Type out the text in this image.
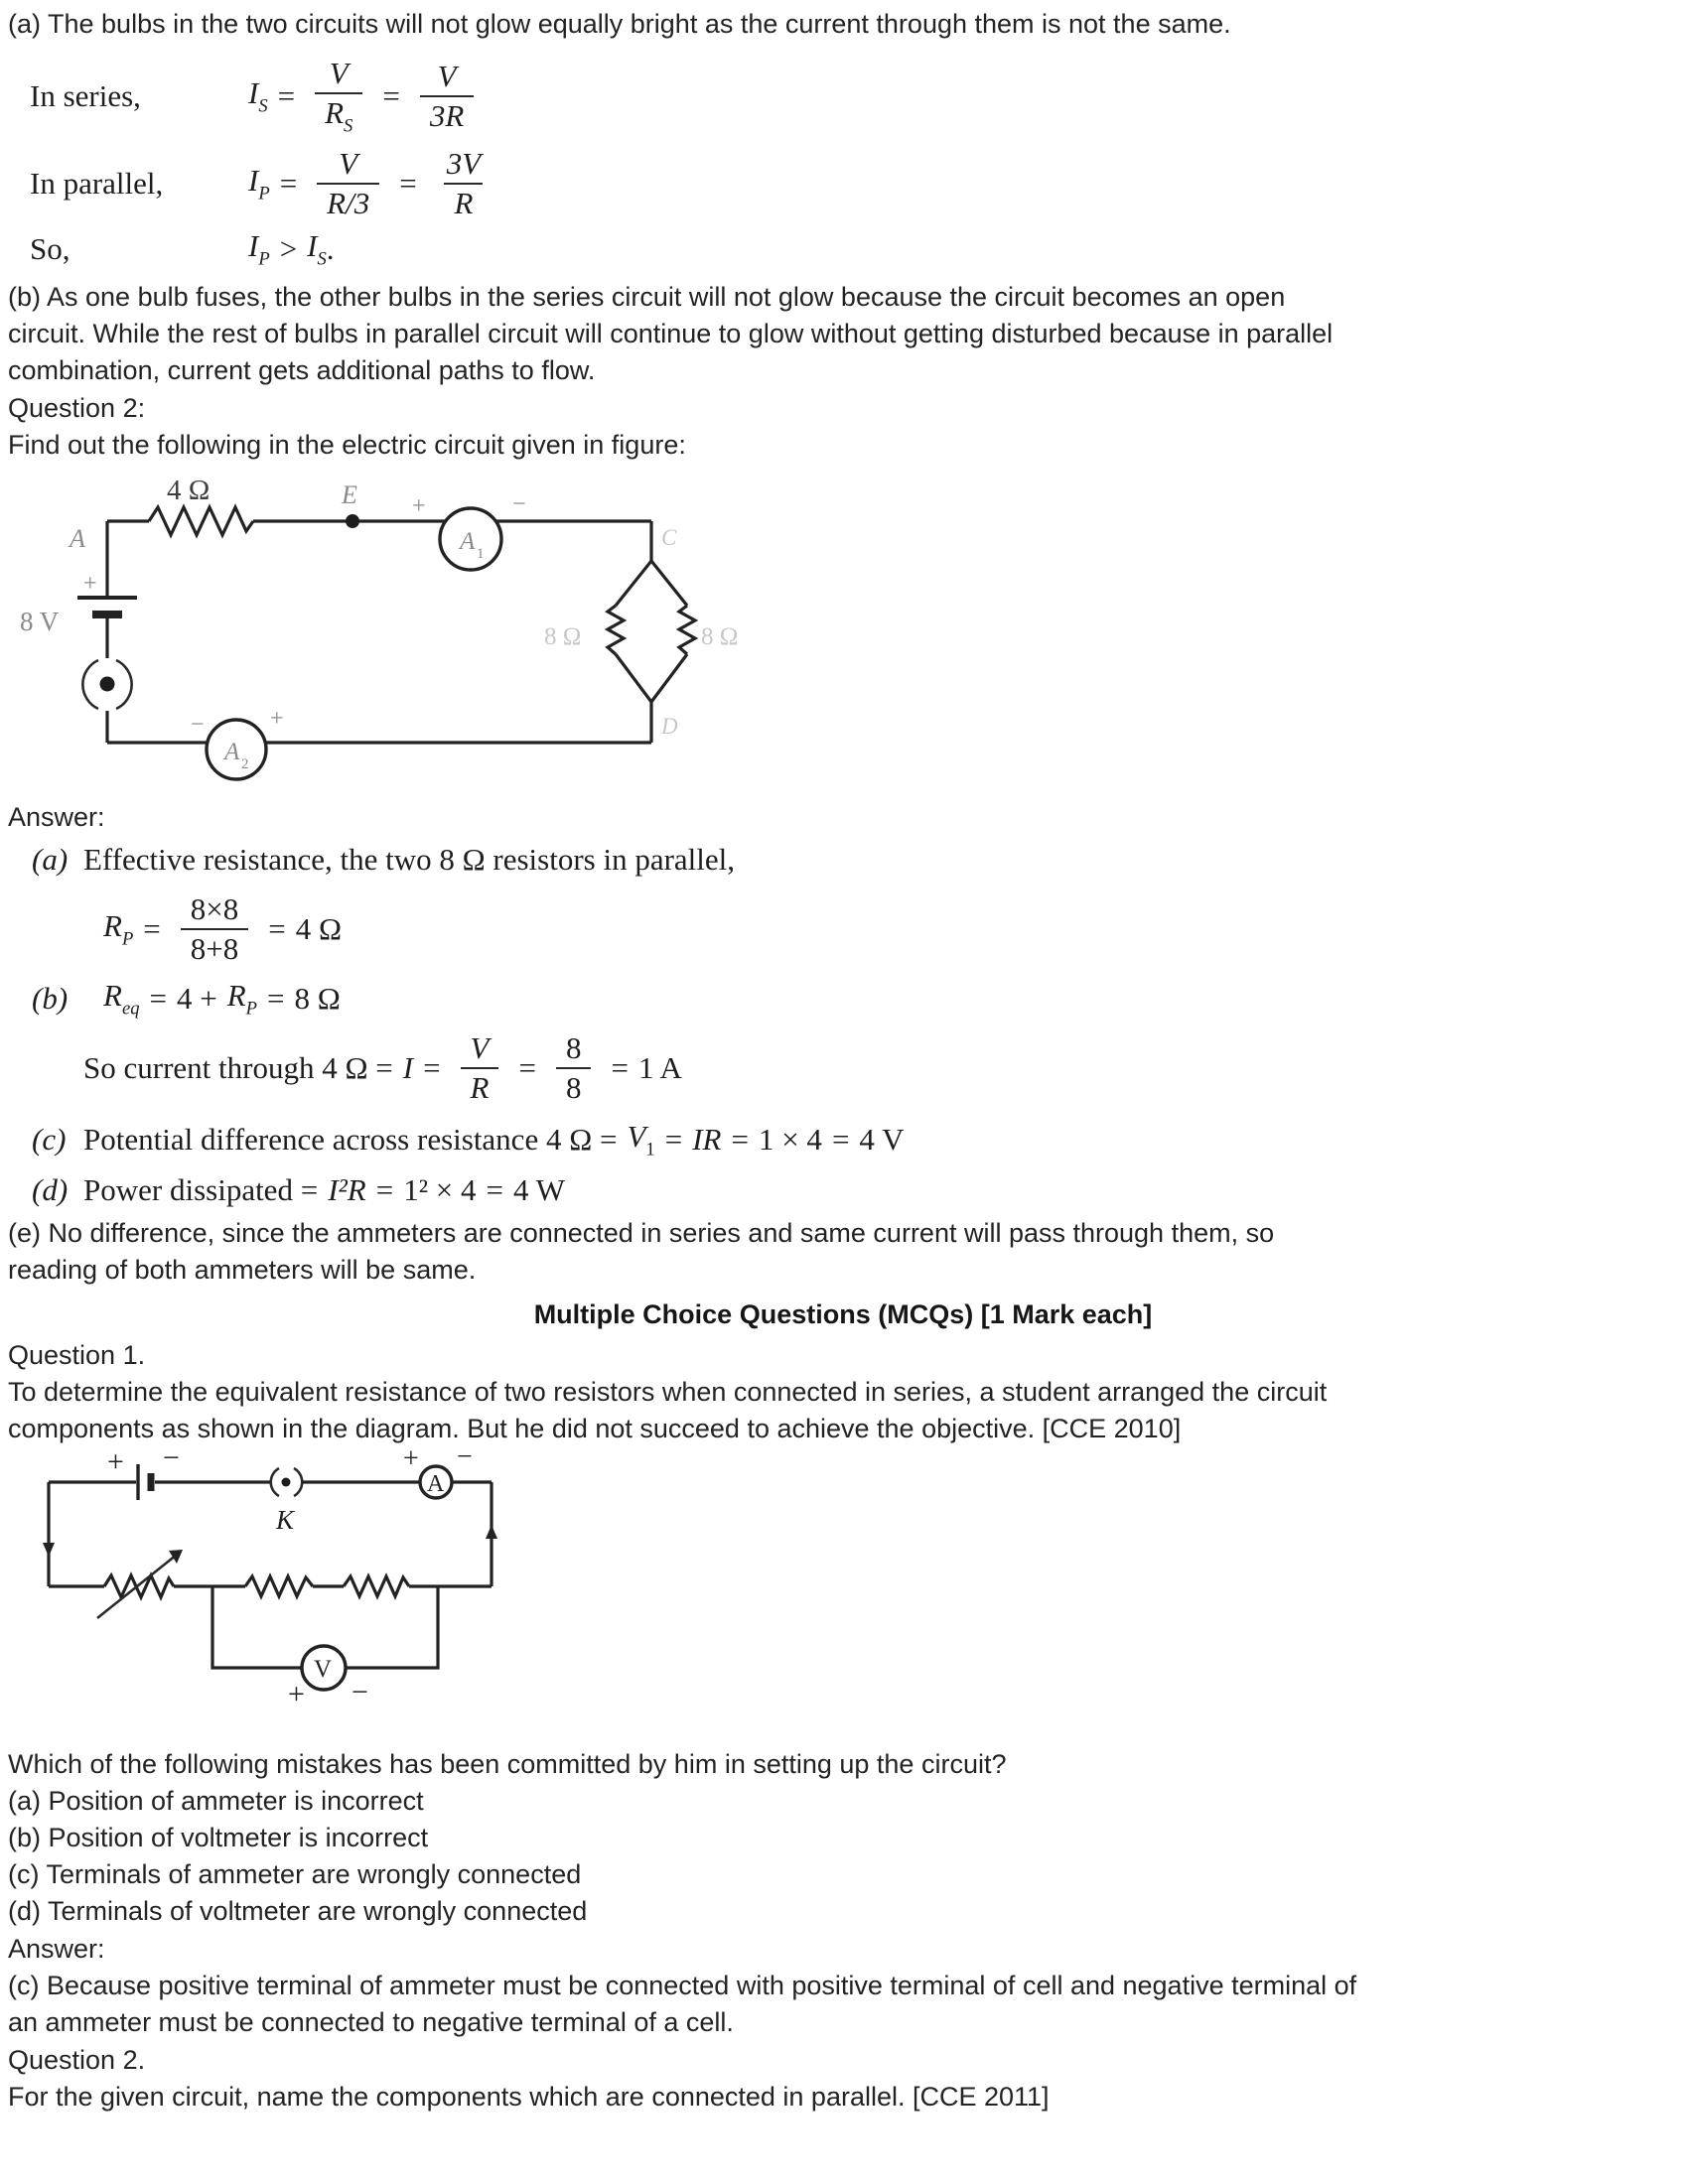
(a) The bulbs in the two circuits will not glow equally bright as the current through them is not the same.
In series,	$I_S = \frac{V}{R_S} = \frac{V}{3R}$
In parallel,	$I_P = \frac{V}{R/3} = \frac{3V}{R}$
So,	$I_P > I_S$ .
(b) As one bulb fuses, the other bulbs in the series circuit will not glow because the circuit becomes an open
circuit. While the rest of bulbs in parallel circuit will continue to glow without getting disturbed because in parallel
combination, current gets additional paths to flow.
Question 2:
Find out the following in the electric circuit given in figure:
4 Ω
A
E +	−
A 1
+
8 V
−	+
A 2
8 Ω	8 Ω
C
D
Answer:
(a) Effective resistance, the two 8 Ω resistors in parallel,
$R_P = \frac{8\times 8}{8+8} = 4$ Ω
(b)	$R_{eq} = 4 + R_P = 8$ Ω
So current through 4 $\Omega = I = \frac{V}{R} = \frac{8}{8} = 1$ A
(c) Potential difference across resistance 4 $\Omega = V_1$ = IR = 1 × 4 = 4 V
(d) Power dissipated = I²R = 1² × 4 = 4 W
(e) No difference, since the ammeters are connected in series and same current will pass through them, so
reading of both ammeters will be same.
Multiple Choice Questions (MCQs) [1 Mark each]
Question 1.
To determine the equivalent resistance of two resistors when connected in series, a student arranged the circuit
components as shown in the diagram. But he did not succeed to achieve the objective. [CCE 2010]
+ −
K
+ −
A
V
+ −
Which of the following mistakes has been committed by him in setting up the circuit?
(a) Position of ammeter is incorrect
(b) Position of voltmeter is incorrect
(c) Terminals of ammeter are wrongly connected
(d) Terminals of voltmeter are wrongly connected
Answer:
(c) Because positive terminal of ammeter must be connected with positive terminal of cell and negative terminal of
an ammeter must be connected to negative terminal of a cell.
Question 2.
For the given circuit, name the components which are connected in parallel. [CCE 2011]
